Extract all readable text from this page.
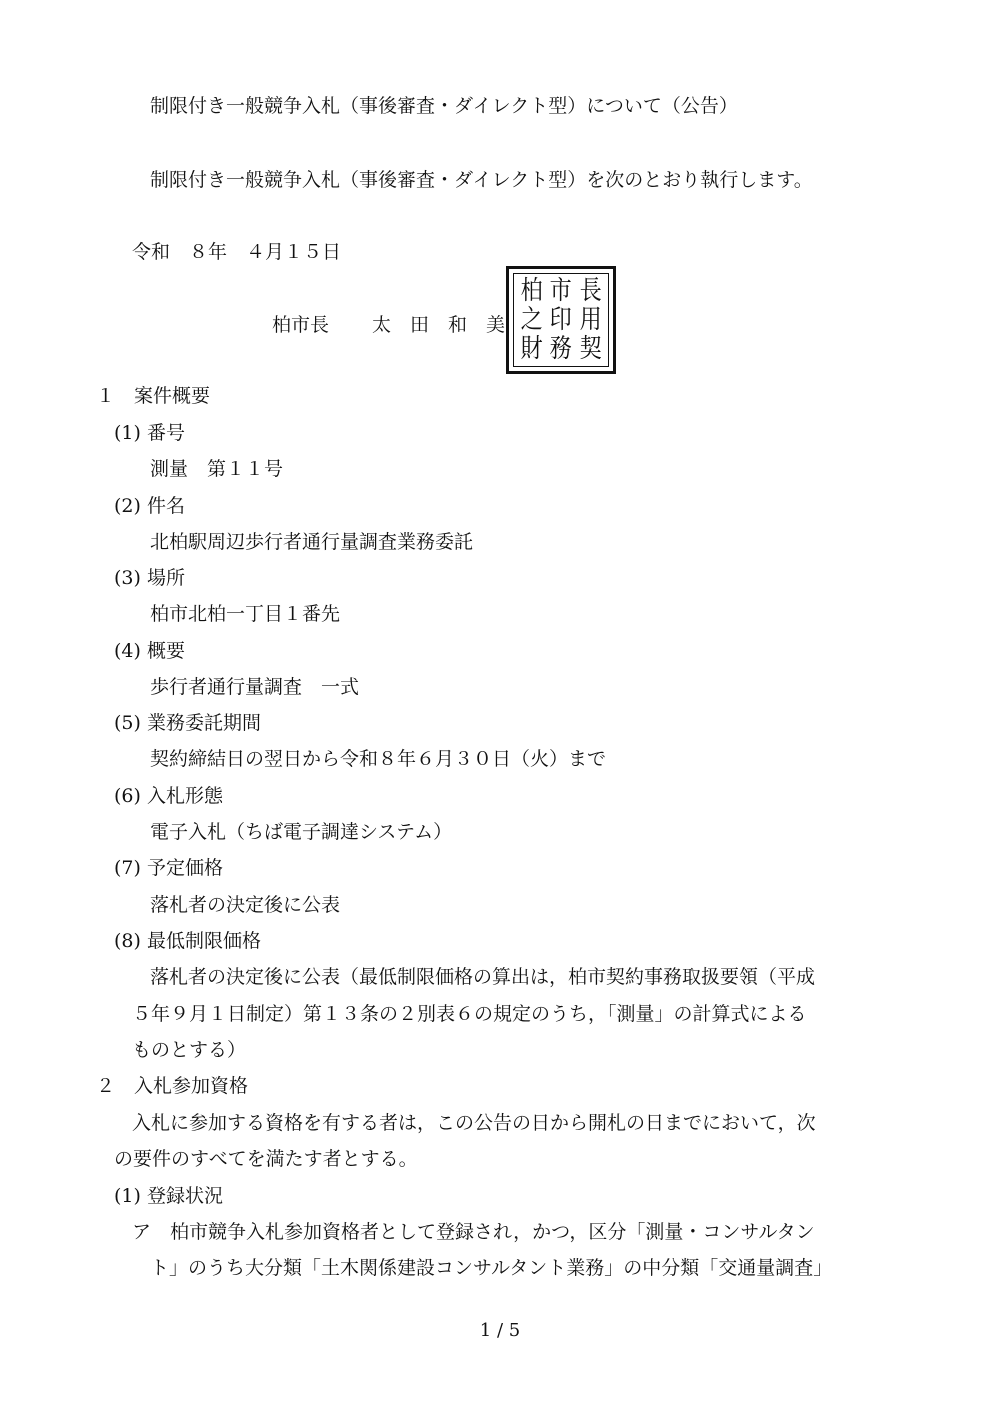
制限付き一般競争入札（事後審査・ダイレクト型）について（公告）

制限付き一般競争入札（事後審査・ダイレクト型）を次のとおり執行します。

令和　８年　４月１５日

柏市長 太　田　和　美

柏 市 長
之 印 用
財 務 契

１　案件概要

(1) 番号

測量　第１１号

(2) 件名

北柏駅周辺歩行者通行量調査業務委託

(3) 場所

柏市北柏一丁目１番先

(4) 概要

歩行者通行量調査　一式

(5) 業務委託期間

契約締結日の翌日から令和８年６月３０日（火）まで

(6) 入札形態

電子入札（ちば電子調達システム）

(7) 予定価格

落札者の決定後に公表

(8) 最低制限価格

落札者の決定後に公表（最低制限価格の算出は，柏市契約事務取扱要領（平成

５年９月１日制定）第１３条の２別表６の規定のうち，「測量」の計算式による

ものとする）

２　入札参加資格

入札に参加する資格を有する者は，この公告の日から開札の日までにおいて，次

の要件のすべてを満たす者とする。

(1) 登録状況

ア　柏市競争入札参加資格者として登録され，かつ，区分「測量・コンサルタン

ト」のうち大分類「土木関係建設コンサルタント業務」の中分類「交通量調査」

1 / 5
